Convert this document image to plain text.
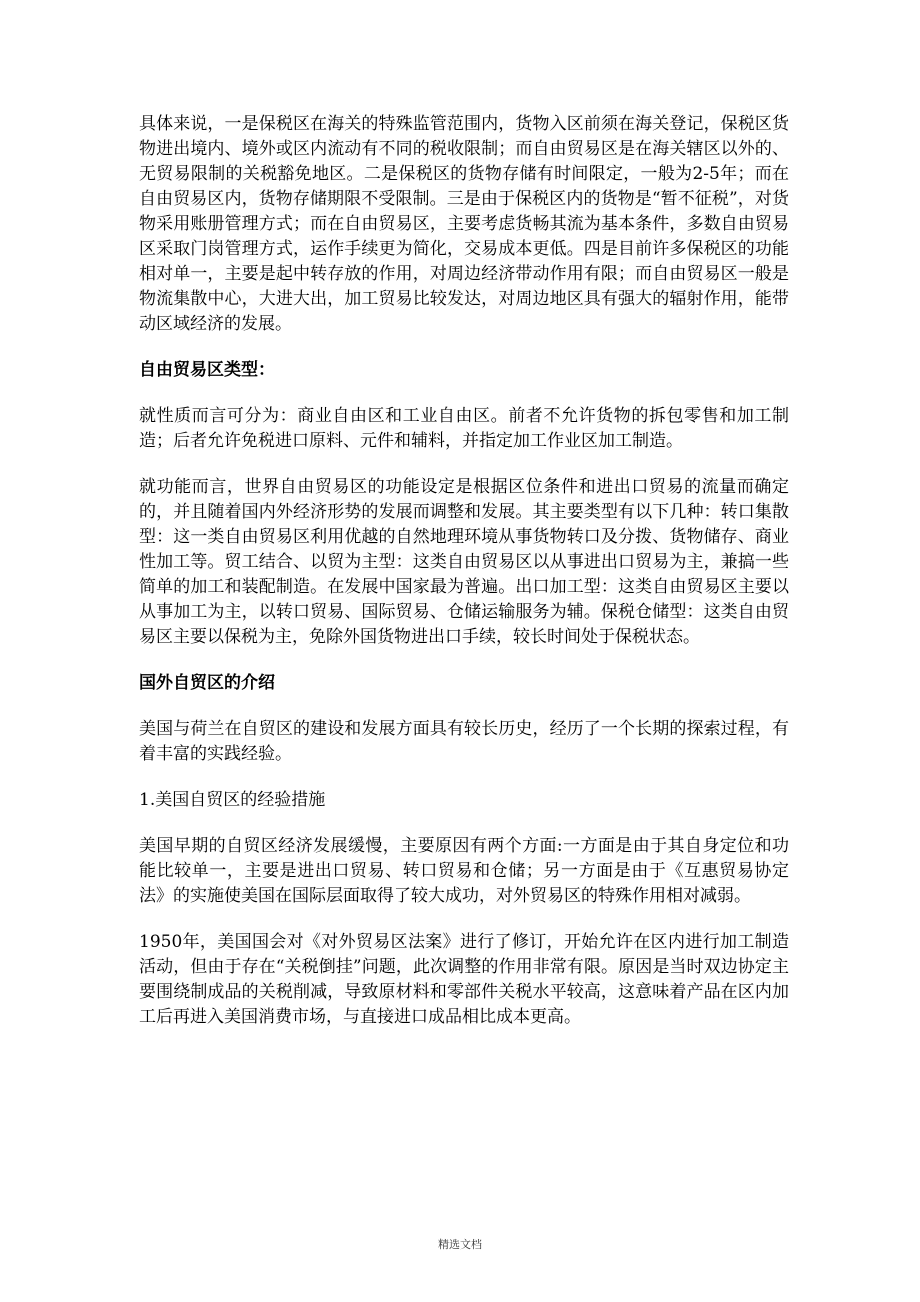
具体来说，一是保税区在海关的特殊监管范围内，货物入区前须在海关登记，保税区货物进出境内、境外或区内流动有不同的税收限制；而自由贸易区是在海关辖区以外的、无贸易限制的关税豁免地区。二是保税区的货物存储有时间限定，一般为2-5年；而在自由贸易区内，货物存储期限不受限制。三是由于保税区内的货物是“暂不征税”，对货物采用账册管理方式；而在自由贸易区，主要考虑货畅其流为基本条件，多数自由贸易区采取门岗管理方式，运作手续更为简化，交易成本更低。四是目前许多保税区的功能相对单一，主要是起中转存放的作用，对周边经济带动作用有限；而自由贸易区一般是物流集散中心，大进大出，加工贸易比较发达，对周边地区具有强大的辐射作用，能带动区域经济的发展。

自由贸易区类型：

就性质而言可分为：商业自由区和工业自由区。前者不允许货物的拆包零售和加工制造；后者允许免税进口原料、元件和辅料，并指定加工作业区加工制造。

就功能而言，世界自由贸易区的功能设定是根据区位条件和进出口贸易的流量而确定的，并且随着国内外经济形势的发展而调整和发展。其主要类型有以下几种：转口集散型：这一类自由贸易区利用优越的自然地理环境从事货物转口及分拨、货物储存、商业性加工等。贸工结合、以贸为主型：这类自由贸易区以从事进出口贸易为主，兼搞一些简单的加工和装配制造。在发展中国家最为普遍。出口加工型：这类自由贸易区主要以从事加工为主，以转口贸易、国际贸易、仓储运输服务为辅。保税仓储型：这类自由贸易区主要以保税为主，免除外国货物进出口手续，较长时间处于保税状态。

国外自贸区的介绍

美国与荷兰在自贸区的建设和发展方面具有较长历史，经历了一个长期的探索过程，有着丰富的实践经验。

1.美国自贸区的经验措施

美国早期的自贸区经济发展缓慢，主要原因有两个方面:一方面是由于其自身定位和功能比较单一，主要是进出口贸易、转口贸易和仓储；另一方面是由于《互惠贸易协定法》的实施使美国在国际层面取得了较大成功，对外贸易区的特殊作用相对减弱。

1950年，美国国会对《对外贸易区法案》进行了修订，开始允许在区内进行加工制造活动，但由于存在“关税倒挂”问题，此次调整的作用非常有限。原因是当时双边协定主要围绕制成品的关税削减，导致原材料和零部件关税水平较高，这意味着产品在区内加工后再进入美国消费市场，与直接进口成品相比成本更高。

精选文档
